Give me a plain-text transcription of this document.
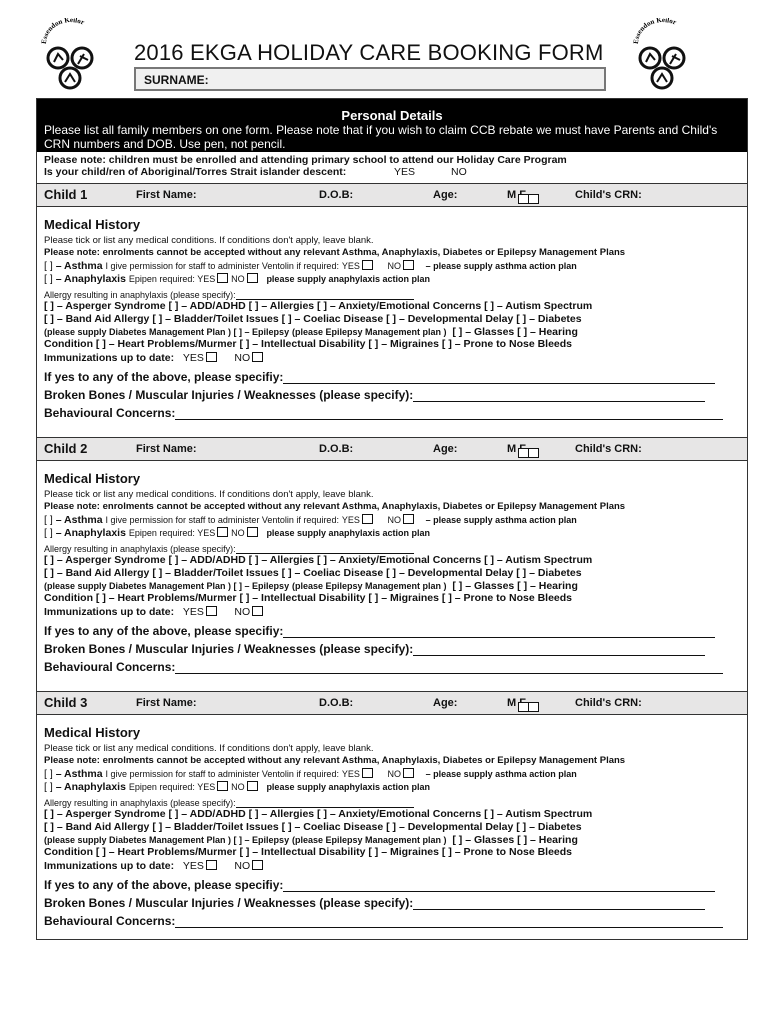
Essendon Keilor
Essendon Keilor
2016 EKGA HOLIDAY CARE BOOKING FORM
SURNAME:
Personal Details
Please list all family members on one form. Please note that if you wish to claim CCB rebate we must have Parents and Child's CRN numbers and DOB. Use pen, not pencil.
Please note: children must be enrolled and attending primary school to attend our Holiday Care Program
Is your child/ren of Aboriginal/Torres Strait islander descent:	YES	NO
Child 1	First Name:	D.O.B:	Age:	M	Child's CRN:
Medical History
Please tick or list any medical conditions. If conditions don't apply, leave blank.
Please note: enrolments cannot be accepted without any relevant Asthma, Anaphylaxis, Diabetes or Epilepsy Management Plans
[ ] – Asthma I give permission for staff to administer Ventolin if required: YES	NO	– please supply asthma action plan
[ ] – Anaphylaxis Epipen required: YES NO please supply anaphylaxis action plan
Allergy resulting in anaphylaxis (please specify):
[ ] – Asperger Syndrome [ ] – ADD/ADHD [ ] – Allergies [ ] – Anxiety/Emotional Concerns [ ] – Autism Spectrum
[ ] – Band Aid Allergy [ ] – Bladder/Toilet Issues [ ] – Coeliac Disease [ ] – Developmental Delay [ ] – Diabetes
(please supply Diabetes Management Plan ) [ ] – Epilepsy (please Epilepsy Management plan ) [ ] – Glasses [ ] – Hearing
Condition [ ] – Heart Problems/Murmer [ ] – Intellectual Disability [ ] – Migraines [ ] – Prone to Nose Bleeds
Immunizations up to date: YES	NO
If yes to any of the above, please specifiy:
Broken Bones / Muscular Injuries / Weaknesses (please specify):
Behavioural Concerns:
Child 2	First Name:	D.O.B:	Age:	M	Child's CRN:
Medical History
Please tick or list any medical conditions. If conditions don't apply, leave blank.
Please note: enrolments cannot be accepted without any relevant Asthma, Anaphylaxis, Diabetes or Epilepsy Management Plans
[ ] – Asthma I give permission for staff to administer Ventolin if required: YES	NO	– please supply asthma action plan
[ ] – Anaphylaxis Epipen required: YES NO please supply anaphylaxis action plan
Allergy resulting in anaphylaxis (please specify):
[ ] – Asperger Syndrome [ ] – ADD/ADHD [ ] – Allergies [ ] – Anxiety/Emotional Concerns [ ] – Autism Spectrum
[ ] – Band Aid Allergy [ ] – Bladder/Toilet Issues [ ] – Coeliac Disease [ ] – Developmental Delay [ ] – Diabetes
(please supply Diabetes Management Plan ) [ ] – Epilepsy (please Epilepsy Management plan ) [ ] – Glasses [ ] – Hearing
Condition [ ] – Heart Problems/Murmer [ ] – Intellectual Disability [ ] – Migraines [ ] – Prone to Nose Bleeds
Immunizations up to date: YES	NO
If yes to any of the above, please specifiy:
Broken Bones / Muscular Injuries / Weaknesses (please specify):
Behavioural Concerns:
Child 3	First Name:	D.O.B:	Age:	M	Child's CRN:
Medical History
Please tick or list any medical conditions. If conditions don't apply, leave blank.
Please note: enrolments cannot be accepted without any relevant Asthma, Anaphylaxis, Diabetes or Epilepsy Management Plans
[ ] – Asthma I give permission for staff to administer Ventolin if required: YES	NO	– please supply asthma action plan
[ ] – Anaphylaxis Epipen required: YES NO please supply anaphylaxis action plan
Allergy resulting in anaphylaxis (please specify):
[ ] – Asperger Syndrome [ ] – ADD/ADHD [ ] – Allergies [ ] – Anxiety/Emotional Concerns [ ] – Autism Spectrum
[ ] – Band Aid Allergy [ ] – Bladder/Toilet Issues [ ] – Coeliac Disease [ ] – Developmental Delay [ ] – Diabetes
(please supply Diabetes Management Plan ) [ ] – Epilepsy (please Epilepsy Management plan ) [ ] – Glasses [ ] – Hearing
Condition [ ] – Heart Problems/Murmer [ ] – Intellectual Disability [ ] – Migraines [ ] – Prone to Nose Bleeds
Immunizations up to date: YES	NO
If yes to any of the above, please specifiy:
Broken Bones / Muscular Injuries / Weaknesses (please specify):
Behavioural Concerns:
